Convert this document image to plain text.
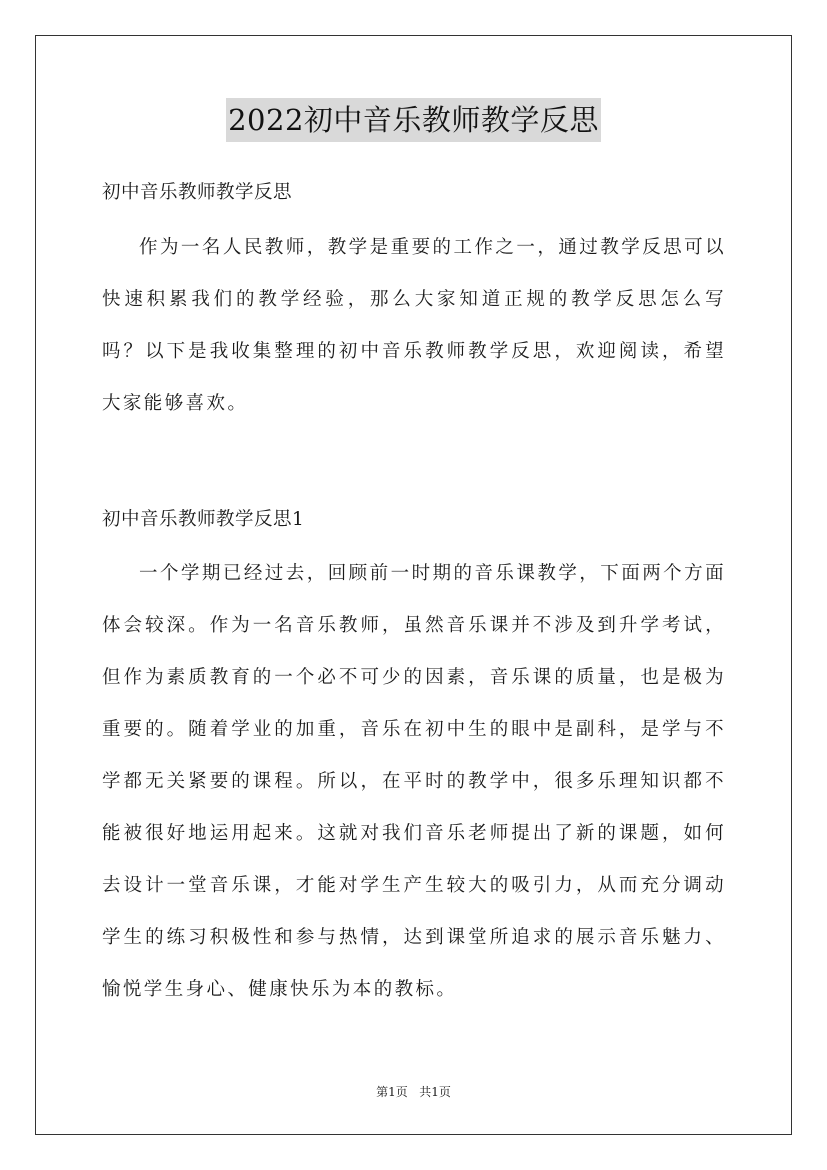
2022初中音乐教师教学反思

初中音乐教师教学反思

作为一名人民教师，教学是重要的工作之一，通过教学反思可以快速积累我们的教学经验，那么大家知道正规的教学反思怎么写吗？以下是我收集整理的初中音乐教师教学反思，欢迎阅读，希望大家能够喜欢。

初中音乐教师教学反思1

一个学期已经过去，回顾前一时期的音乐课教学，下面两个方面体会较深。作为一名音乐教师，虽然音乐课并不涉及到升学考试，但作为素质教育的一个必不可少的因素，音乐课的质量，也是极为重要的。随着学业的加重，音乐在初中生的眼中是副科，是学与不学都无关紧要的课程。所以，在平时的教学中，很多乐理知识都不能被很好地运用起来。这就对我们音乐老师提出了新的课题，如何去设计一堂音乐课，才能对学生产生较大的吸引力，从而充分调动学生的练习积极性和参与热情，达到课堂所追求的展示音乐魅力、愉悦学生身心、健康快乐为本的教标。

第1页 共1页
